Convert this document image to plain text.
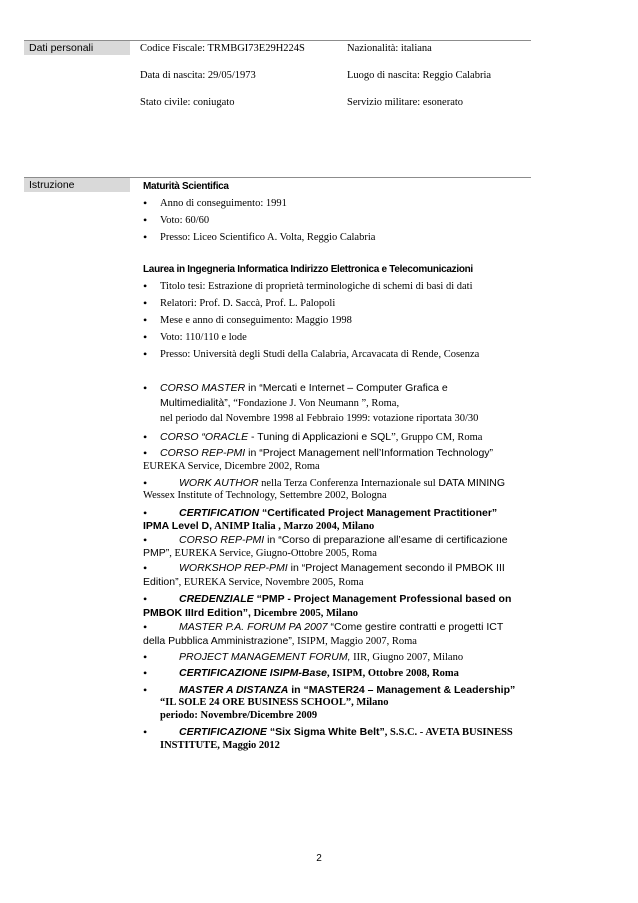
Dati personali	Codice Fiscale: TRMBGI73E29H224S	Nazionalità: italiana
Data di nascita: 29/05/1973	Luogo di nascita: Reggio Calabria
Stato civile: coniugato	Servizio militare: esonerato
Istruzione	Maturità Scientifica
• Anno di conseguimento: 1991
• Voto: 60/60
• Presso: Liceo Scientifico A. Volta, Reggio Calabria
Laurea in Ingegneria Informatica Indirizzo Elettronica e Telecomunicazioni
• Titolo tesi: Estrazione di proprietà terminologiche di schemi di basi di dati
• Relatori: Prof. D. Saccà, Prof. L. Palopoli
• Mese e anno di conseguimento: Maggio 1998
• Voto: 110/110 e lode
• Presso: Università degli Studi della Calabria, Arcavacata di Rende, Cosenza
• CORSO MASTER in “Mercati e Internet – Computer Grafica e
Multimedialità”, “Fondazione J. Von Neumann ”, Roma,
nel periodo dal Novembre 1998 al Febbraio 1999: votazione riportata 30/30
• CORSO “ORACLE - Tuning di Applicazioni e SQL”, Gruppo CM, Roma
• CORSO REP-PMI in “Project Management nell’Information Technology”
EUREKA Service, Dicembre 2002, Roma
•	WORK AUTHOR nella Terza Conferenza Internazionale sul DATA MINING
Wessex Institute of Technology, Settembre 2002, Bologna
•	CERTIFICATION “Certificated Project Management Practitioner”
IPMA Level D, ANIMP Italia , Marzo 2004, Milano
•	CORSO REP-PMI in “Corso di preparazione all’esame di certificazione
PMP”, EUREKA Service, Giugno-Ottobre 2005, Roma
•	WORKSHOP REP-PMI in “Project Management secondo il PMBOK III
Edition”, EUREKA Service, Novembre 2005, Roma
•	CREDENZIALE “PMP - Project Management Professional based on
PMBOK IIIrd Edition”, Dicembre 2005, Milano
•	MASTER P.A. FORUM PA 2007 “Come gestire contratti e progetti ICT
della Pubblica Amministrazione”, ISIPM, Maggio 2007, Roma
•	PROJECT MANAGEMENT FORUM, IIR, Giugno 2007, Milano
•	CERTIFICAZIONE ISIPM-Base, ISIPM, Ottobre 2008, Roma
•	MASTER A DISTANZA in “MASTER24 – Management & Leadership”
“IL SOLE 24 ORE BUSINESS SCHOOL”, Milano
periodo: Novembre/Dicembre 2009
•	CERTIFICAZIONE “Six Sigma White Belt”, S.S.C. - AVETA BUSINESS
INSTITUTE, Maggio 2012
2
